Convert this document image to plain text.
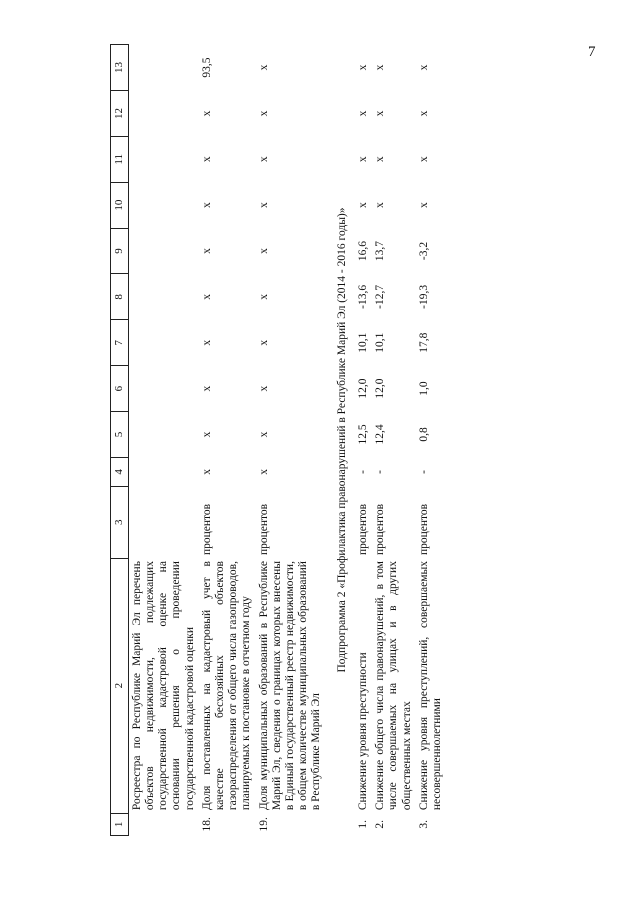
7
1	2	3	4	5	6	7	8	9	10	11	12	13
	Росреестра по Республике Марий Эл перечень объектов недвижимости, подлежащих государственной кадастровой оценке на основании решения о проведении государственной кадастровой оценки											
18.	Доля поставленных на кадастровый учет в качестве бесхозяйных объектов газораспределения от общего числа газопроводов, планируемых к постановке в отчетном году	процентов	х	х	х	х	х	х	х	х	х	93,5
19.	Доля муниципальных образований в Республике Марий Эл, сведения о границах которых внесены в Единый государственный реестр недвижимости, в общем количестве муниципальных образований в Республике Марий Эл	процентов	х	х	х	х	х	х	х	х	х	х
Подпрограмма 2 «Профилактика правонарушений в Республике Марий Эл (2014 - 2016 годы)»												
1.	Снижение уровня преступности	процентов	-	12,5	12,0	10,1	-13,6	16,6	х	х	х	х
2.	Снижение общего числа правонарушений, в том числе совершаемых на улицах и в других общественных местах	процентов	-	12,4	12,0	10,1	-12,7	13,7	х	х	х	х
3.	Снижение уровня преступлений, совершаемых несовершеннолетними	процентов	-	0,8	1,0	17,8	-19,3	-3,2	х	х	х	х
